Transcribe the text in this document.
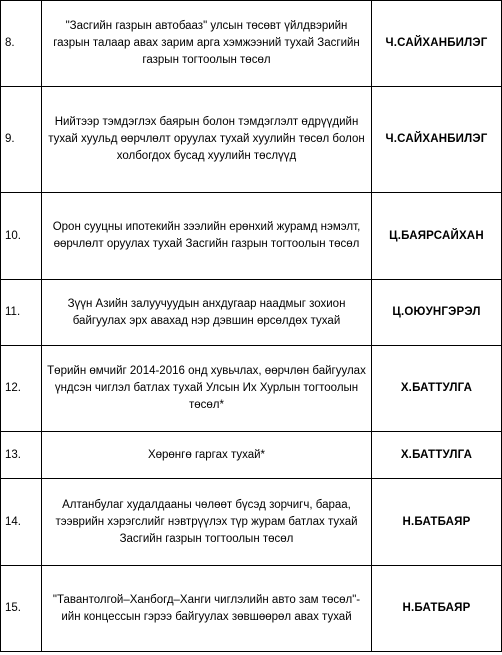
8.	"Засгийн газрын автобааз" улсын төсөвт үйлдвэрийн газрын талаар авах зарим арга хэмжээний тухай Засгийн газрын тогтоолын төсөл	Ч.САЙХАНБИЛЭГ
9.	Нийтээр тэмдэглэх баярын болон тэмдэглэлт өдрүүдийн тухай хуульд өөрчлөлт оруулах тухай хуулийн төсөл болон холбогдох бусад хуулийн төслүүд	Ч.САЙХАНБИЛЭГ
10.	Орон сууцны ипотекийн зээлийн ерөнхий журамд нэмэлт, өөрчлөлт оруулах тухай Засгийн газрын тогтоолын төсөл	Ц.БАЯРСАЙХАН
11.	Зүүн Азийн залуучуудын анхдугаар наадмыг зохион байгуулах эрх авахад нэр дэвшин өрсөлдөх тухай	Ц.ОЮУНГЭРЭЛ
12.	Төрийн өмчийг 2014-2016 онд хувьчлах, өөрчлөн байгуулах үндсэн чиглэл батлах тухай Улсын Их Хурлын тогтоолын төсөл*	Х.БАТТУЛГА
13.	Хөрөнгө гаргах тухай*	Х.БАТТУЛГА
14.	Алтанбулаг худалдааны чөлөөт бүсэд зорчигч, бараа, тээврийн хэрэгслийг нэвтрүүлэх түр журам батлах тухай Засгийн газрын тогтоолын төсөл	Н.БАТБАЯР
15.	"Тавантолгой–Ханбогд–Ханги чиглэлийн авто зам төсөл"-ийн концессын гэрээ байгуулах зөвшөөрөл авах тухай	Н.БАТБАЯР
